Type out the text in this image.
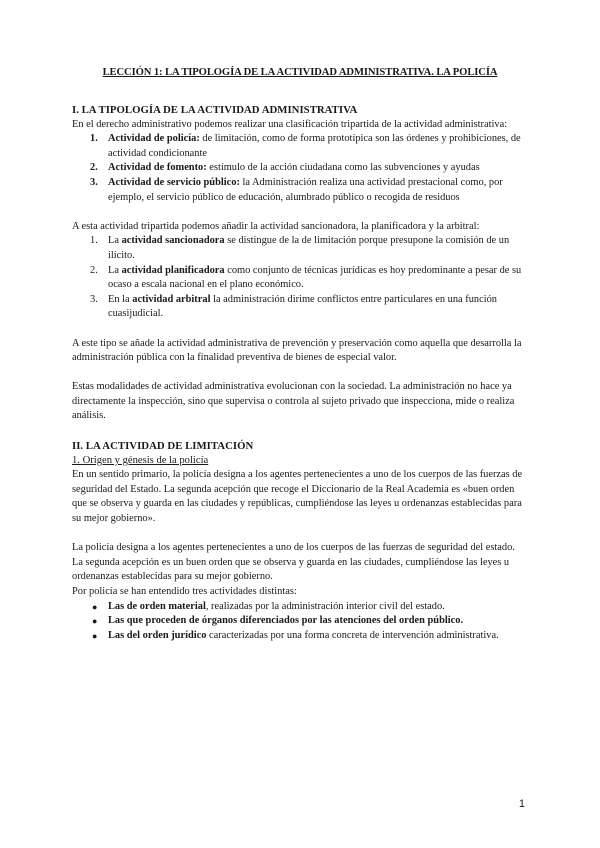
LECCIÓN 1: LA TIPOLOGÍA DE LA ACTIVIDAD ADMINISTRATIVA. LA POLICÍA

I. LA TIPOLOGÍA DE LA ACTIVIDAD ADMINISTRATIVA

En el derecho administrativo podemos realizar una clasificación tripartida de la actividad administrativa:

1. Actividad de policía: de limitación, como de forma prototípica son las órdenes y prohibiciones, de actividad condicionante
2. Actividad de fomento: estímulo de la acción ciudadana como las subvenciones y ayudas
3. Actividad de servicio público: la Administración realiza una actividad prestacional como, por ejemplo, el servicio público de educación, alumbrado público o recogida de residuos

A esta actividad tripartida podemos añadir la actividad sancionadora, la planificadora y la arbitral:

1. La actividad sancionadora se distingue de la de limitación porque presupone la comisión de un ilícito.
2. La actividad planificadora como conjunto de técnicas jurídicas es hoy predominante a pesar de su ocaso a escala nacional en el plano económico.
3. En la actividad arbitral la administración dirime conflictos entre particulares en una función cuasijudicial.

A este tipo se añade la actividad administrativa de prevención y preservación como aquella que desarrolla la administración pública con la finalidad preventiva de bienes de especial valor.

Estas modalidades de actividad administrativa evolucionan con la sociedad. La administración no hace ya directamente la inspección, sino que supervisa o controla al sujeto privado que inspecciona, mide o realiza análisis.

II. LA ACTIVIDAD DE LIMITACIÓN
1. Origen y génesis de la policía

En un sentido primario, la policía designa a los agentes pertenecientes a uno de los cuerpos de las fuerzas de seguridad del Estado. La segunda acepción que recoge el Diccionario de la Real Academia es «buen orden que se observa y guarda en las ciudades y repúblicas, cumpliéndose las leyes u ordenanzas establecidas para su mejor gobierno».

La policía designa a los agentes pertenecientes a uno de los cuerpos de las fuerzas de seguridad del estado. La segunda acepción es un buen orden que se observa y guarda en las ciudades, cumpliéndose las leyes u ordenanzas establecidas para su mejor gobierno.

Por policía se han entendido tres actividades distintas:

● Las de orden material, realizadas por la administración interior civil del estado.
● Las que proceden de órganos diferenciados por las atenciones del orden público.
● Las del orden jurídico caracterizadas por una forma concreta de intervención administrativa.
1
